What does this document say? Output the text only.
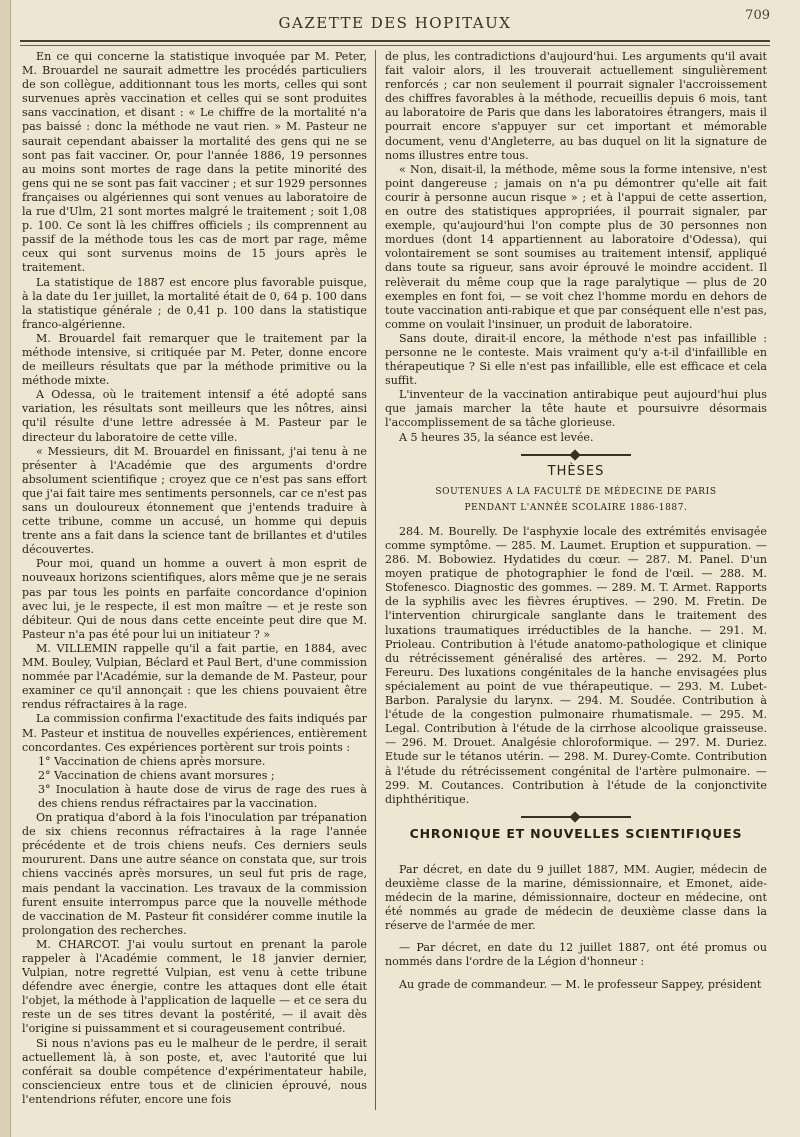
GAZETTE DES HOPITAUX	709

En ce qui concerne la statistique invoquée par M. Peter, M. Brouardel ne saurait admettre les procédés particuliers de son collègue, additionnant tous les morts, celles qui sont survenues après vaccination et celles qui se sont produites sans vaccination, et disant : « Le chiffre de la mortalité n'a pas baissé : donc la méthode ne vaut rien. » M. Pasteur ne saurait cependant abaisser la mortalité des gens qui ne se sont pas fait vacciner. Or, pour l'année 1886, 19 personnes au moins sont mortes de rage dans la petite minorité des gens qui ne se sont pas fait vacciner ; et sur 1929 personnes françaises ou algériennes qui sont venues au laboratoire de la rue d'Ulm, 21 sont mortes malgré le traitement ; soit 1,08 p. 100. Ce sont là les chiffres officiels ; ils comprennent au passif de la méthode tous les cas de mort par rage, même ceux qui sont survenus moins de 15 jours après le traitement.

La statistique de 1887 est encore plus favorable puisque, à la date du 1er juillet, la mortalité était de 0, 64 p. 100 dans la statistique générale ; de 0,41 p. 100 dans la statistique franco-algérienne.

M. Brouardel fait remarquer que le traitement par la méthode intensive, si critiquée par M. Peter, donne encore de meilleurs résultats que par la méthode primitive ou la méthode mixte.

A Odessa, où le traitement intensif a été adopté sans variation, les résultats sont meilleurs que les nôtres, ainsi qu'il résulte d'une lettre adressée à M. Pasteur par le directeur du laboratoire de cette ville.

« Messieurs, dit M. Brouardel en finissant, j'ai tenu à ne présenter à l'Académie que des arguments d'ordre absolument scientifique ; croyez que ce n'est pas sans effort que j'ai fait taire mes sentiments personnels, car ce n'est pas sans un douloureux étonnement que j'entends traduire à cette tribune, comme un accusé, un homme qui depuis trente ans a fait dans la science tant de brillantes et d'utiles découvertes.

Pour moi, quand un homme a ouvert à mon esprit de nouveaux horizons scientifiques, alors même que je ne serais pas par tous les points en parfaite concordance d'opinion avec lui, je le respecte, il est mon maître — et je reste son débiteur. Qui de nous dans cette enceinte peut dire que M. Pasteur n'a pas été pour lui un initiateur ? »

M. VILLEMIN rappelle qu'il a fait partie, en 1884, avec MM. Bouley, Vulpian, Béclard et Paul Bert, d'une commission nommée par l'Académie, sur la demande de M. Pasteur, pour examiner ce qu'il annonçait : que les chiens pouvaient être rendus réfractaires à la rage.

La commission confirma l'exactitude des faits indiqués par M. Pasteur et institua de nouvelles expériences, entièrement concordantes. Ces expériences portèrent sur trois points :

1° Vaccination de chiens après morsure.

2° Vaccination de chiens avant morsures ;

3° Inoculation à haute dose de virus de rage des rues à des chiens rendus réfractaires par la vaccination.

On pratiqua d'abord à la fois l'inoculation par trépanation de six chiens reconnus réfractaires à la rage l'année précédente et de trois chiens neufs. Ces derniers seuls moururent. Dans une autre séance on constata que, sur trois chiens vaccinés après morsures, un seul fut pris de rage, mais pendant la vaccination. Les travaux de la commission furent ensuite interrompus parce que la nouvelle méthode de vaccination de M. Pasteur fit considérer comme inutile la prolongation des recherches.

M. CHARCOT. J'ai voulu surtout en prenant la parole rappeler à l'Académie comment, le 18 janvier dernier, Vulpian, notre regretté Vulpian, est venu à cette tribune défendre avec énergie, contre les attaques dont elle était l'objet, la méthode à l'application de laquelle — et ce sera du reste un de ses titres devant la postérité, — il avait dès l'origine si puissamment et si courageusement contribué.

Si nous n'avions pas eu le malheur de le perdre, il serait actuellement là, à son poste, et, avec l'autorité que lui conférait sa double compétence d'expérimentateur habile, consciencieux entre tous et de clinicien éprouvé, nous l'entendrions réfuter, encore une fois

de plus, les contradictions d'aujourd'hui. Les arguments qu'il avait fait valoir alors, il les trouverait actuellement singulièrement renforcés ; car non seulement il pourrait signaler l'accroissement des chiffres favorables à la méthode, recueillis depuis 6 mois, tant au laboratoire de Paris que dans les laboratoires étrangers, mais il pourrait encore s'appuyer sur cet important et mémorable document, venu d'Angleterre, au bas duquel on lit la signature de noms illustres entre tous.

« Non, disait-il, la méthode, même sous la forme intensive, n'est point dangereuse ; jamais on n'a pu démontrer qu'elle ait fait courir à personne aucun risque » ; et à l'appui de cette assertion, en outre des statistiques appropriées, il pourrait signaler, par exemple, qu'aujourd'hui l'on compte plus de 30 personnes non mordues (dont 14 appartiennent au laboratoire d'Odessa), qui volontairement se sont soumises au traitement intensif, appliqué dans toute sa rigueur, sans avoir éprouvé le moindre accident. Il relèverait du même coup que la rage paralytique — plus de 20 exemples en font foi, — se voit chez l'homme mordu en dehors de toute vaccination anti-rabique et que par conséquent elle n'est pas, comme on voulait l'insinuer, un produit de laboratoire.

Sans doute, dirait-il encore, la méthode n'est pas infaillible : personne ne le conteste. Mais vraiment qu'y a-t-il d'infaillible en thérapeutique ? Si elle n'est pas infaillible, elle est efficace et cela suffit.

L'inventeur de la vaccination antirabique peut aujourd'hui plus que jamais marcher la tête haute et poursuivre désormais l'accomplissement de sa tâche glorieuse.

A 5 heures 35, la séance est levée.

THÈSES
SOUTENUES A LA FACULTÉ DE MÉDECINE DE PARIS
PENDANT L'ANNÉE SCOLAIRE 1886-1887.

284. M. Bourelly. De l'asphyxie locale des extrémités envisagée comme symptôme. — 285. M. Laumet. Eruption et suppuration. — 286. M. Bobowiez. Hydatides du cœur. — 287. M. Panel. D'un moyen pratique de photographier le fond de l'œil. — 288. M. Stofenesco. Diagnostic des gommes. — 289. M. T. Armet. Rapports de la syphilis avec les fièvres éruptives. — 290. M. Fretin. De l'intervention chirurgicale sanglante dans le traitement des luxations traumatiques irréductibles de la hanche. — 291. M. Prioleau. Contribution à l'étude anatomo-pathologique et clinique du rétrécissement généralisé des artères. — 292. M. Porto Fereuru. Des luxations congénitales de la hanche envisagées plus spécialement au point de vue thérapeutique. — 293. M. Lubet-Barbon. Paralysie du larynx. — 294. M. Soudée. Contribution à l'étude de la congestion pulmonaire rhumatismale. — 295. M. Legal. Contribution à l'étude de la cirrhose alcoolique graisseuse. — 296. M. Drouet. Analgésie chloroformique. — 297. M. Duriez. Etude sur le tétanos utérin. — 298. M. Durey-Comte. Contribution à l'étude du rétrécissement congénital de l'artère pulmonaire. — 299. M. Coutances. Contribution à l'étude de la conjonctivite diphthéritique.

CHRONIQUE ET NOUVELLES SCIENTIFIQUES

Par décret, en date du 9 juillet 1887, MM. Augier, médecin de deuxième classe de la marine, démissionnaire, et Emonet, aide-médecin de la marine, démissionnaire, docteur en médecine, ont été nommés au grade de médecin de deuxième classe dans la réserve de l'armée de mer.

— Par décret, en date du 12 juillet 1887, ont été promus ou nommés dans l'ordre de la Légion d'honneur :

Au grade de commandeur. — M. le professeur Sappey, président
